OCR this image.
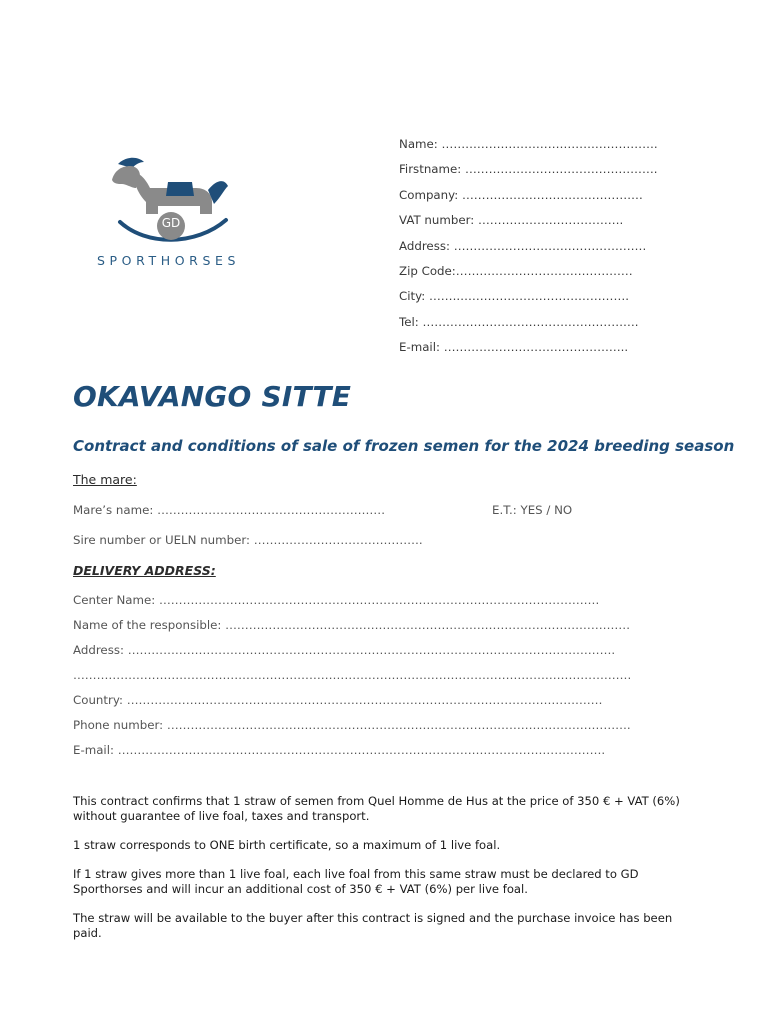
GD
SPORTHORSES
Name: ……………………………………………….
Firstname: ………………………………………….
Company: ……………………………………….
VAT number: ……………………………….
Address: ………………………………………….
Zip Code:………………………………………
City: ……..…………………………………….
Tel: ……………………………………………….
E-mail: ………………………………………..
OKAVANGO SITTE
Contract and conditions of sale of frozen semen for the 2024 breeding season
The mare:
Mare’s name: ………………………………………………….	E.T.: YES / NO
Sire number or UELN number: …………………………………….
DELIVERY ADDRESS:
Center Name: ………………………………………………………………………………………………….
Name of the responsible: ………………………………………………………………………………………….
Address: …………………………………………………………………………………………………………….
…………………………………………………………………………………………………………………………….
Country: ………………………………………………………………………………………………………….
Phone number: ……………………………………………………………………………………………………….
E-mail: …………………………………………………………………………………………………………….
This contract confirms that 1 straw of semen from Quel Homme de Hus at the price of 350 € + VAT (6%) without guarantee of live foal, taxes and transport.
1 straw corresponds to ONE birth certificate, so a maximum of 1 live foal.
If 1 straw gives more than 1 live foal, each live foal from this same straw must be declared to GD Sporthorses and will incur an additional cost of 350 € + VAT (6%) per live foal.
The straw will be available to the buyer after this contract is signed and the purchase invoice has been paid.
